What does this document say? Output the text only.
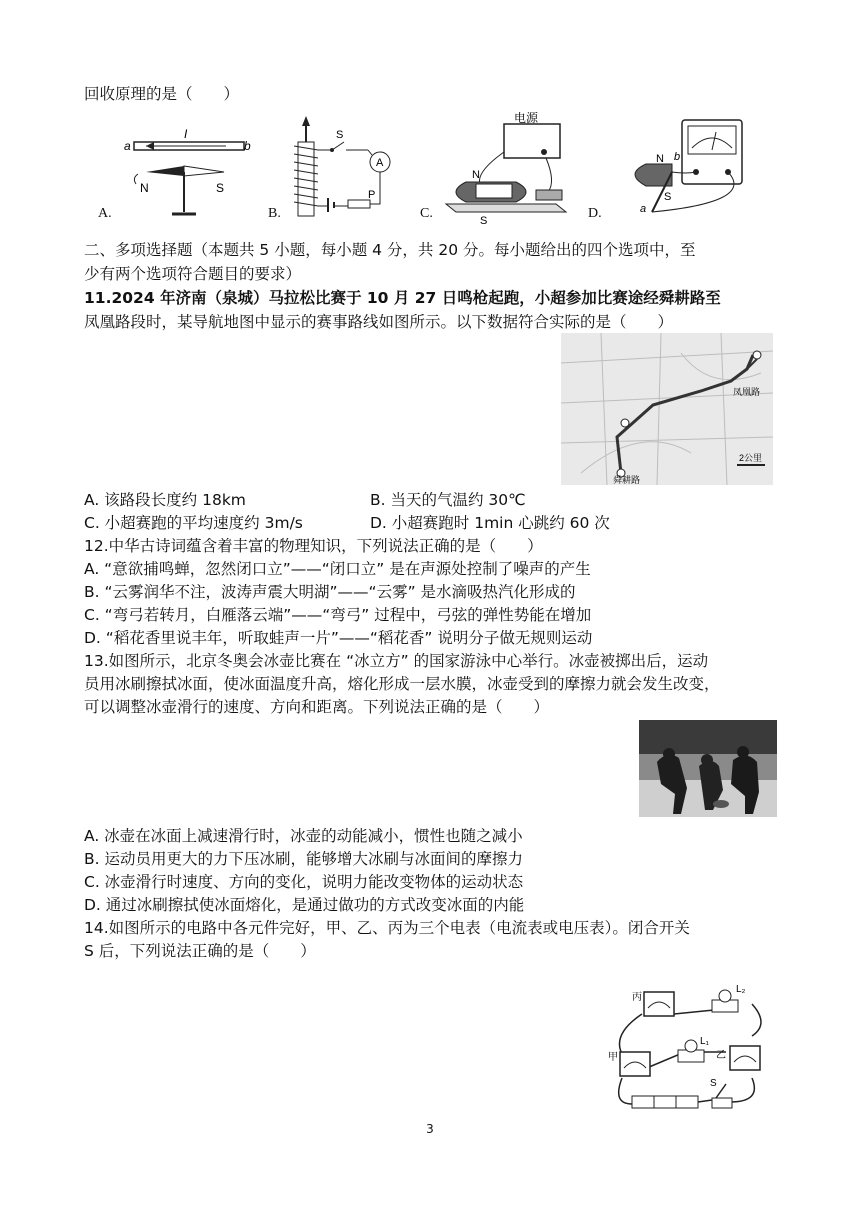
回收原理的是（　　）
a	b
I
N	S
A.
S
A
P
B.
电源
N
S
C.
N b
a
S
D.
二、多项选择题（本题共 5 小题，每小题 4 分，共 20 分。每小题给出的四个选项中，至
少有两个选项符合题目的要求）
11.2024 年济南（泉城）马拉松比赛于 10 月 27 日鸣枪起跑，小超参加比赛途经舜耕路至
凤凰路段时，某导航地图中显示的赛事路线如图所示。以下数据符合实际的是（　　）
凤凰路
舜耕路
2公里
A. 该路段长度约 18km	B. 当天的气温约 30℃
C. 小超赛跑的平均速度约 3m/s	D. 小超赛跑时 1min 心跳约 60 次
12.中华古诗词蕴含着丰富的物理知识，下列说法正确的是（　　）
A. “意欲捕鸣蝉，忽然闭口立”——“闭口立” 是在声源处控制了噪声的产生
B. “云雾润华不注，波涛声震大明湖”——“云雾” 是水滴吸热汽化形成的
C. “弯弓若转月，白雁落云端”——“弯弓” 过程中，弓弦的弹性势能在增加
D. “稻花香里说丰年，听取蛙声一片”——“稻花香” 说明分子做无规则运动
13.如图所示，北京冬奥会冰壶比赛在 “冰立方” 的国家游泳中心举行。冰壶被掷出后，运动
员用冰刷擦拭冰面，使冰面温度升高，熔化形成一层水膜，冰壶受到的摩擦力就会发生改变，
可以调整冰壶滑行的速度、方向和距离。下列说法正确的是（　　）
A. 冰壶在冰面上减速滑行时，冰壶的动能减小，惯性也随之减小
B. 运动员用更大的力下压冰刷，能够增大冰刷与冰面间的摩擦力
C. 冰壶滑行时速度、方向的变化，说明力能改变物体的运动状态
D. 通过冰刷擦拭使冰面熔化，是通过做功的方式改变冰面的内能
14.如图所示的电路中各元件完好，甲、乙、丙为三个电表（电流表或电压表）。闭合开关
S 后，下列说法正确的是（　　）
丙
L₂
甲
L₁
乙
S
3
